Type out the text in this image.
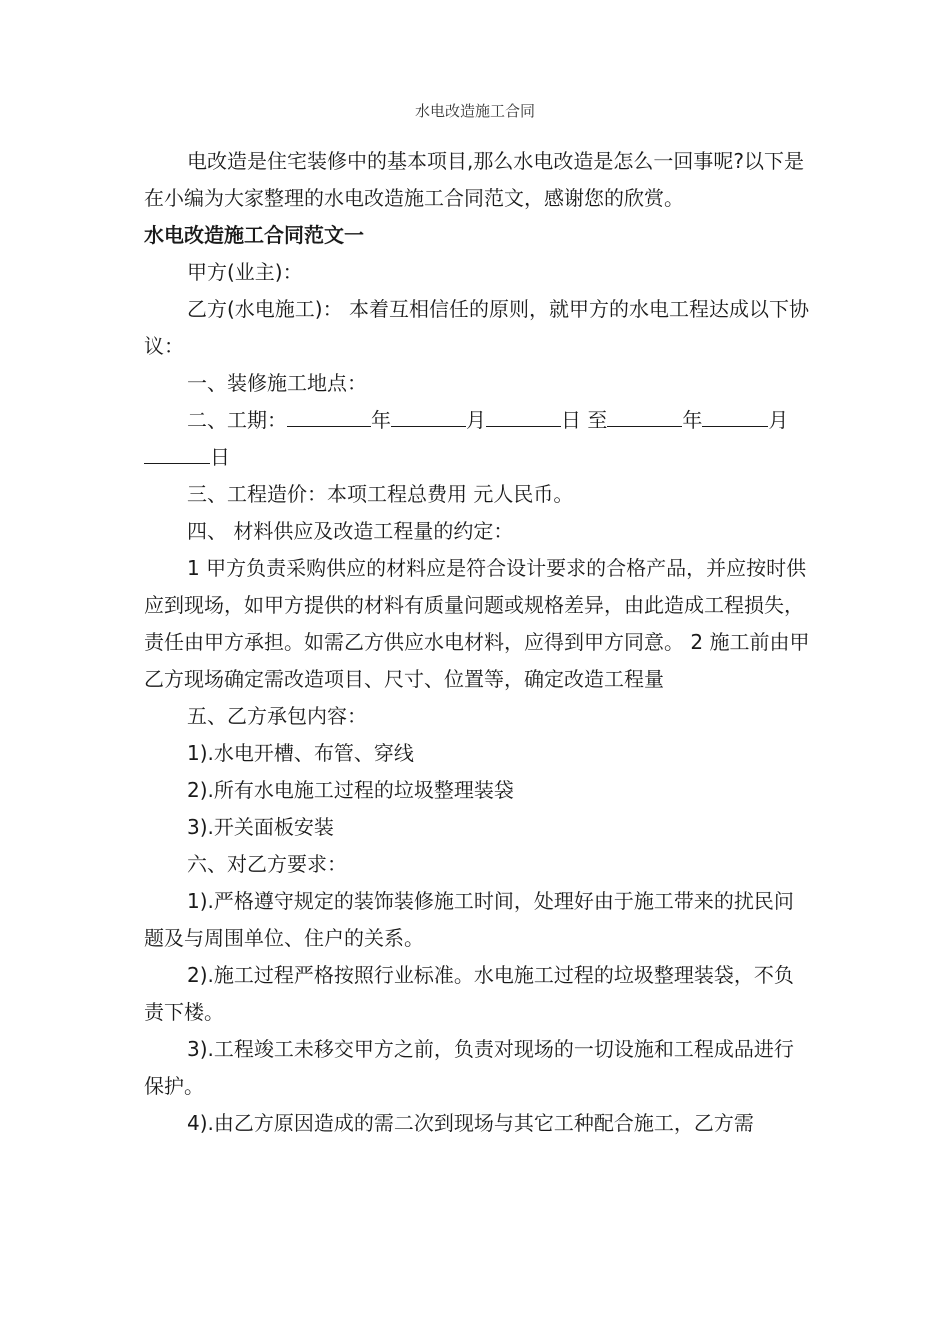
水电改造施工合同

电改造是住宅装修中的基本项目,那么水电改造是怎么一回事呢?以下是在小编为大家整理的水电改造施工合同范文，感谢您的欣赏。

水电改造施工合同范文一

甲方(业主)：

乙方(水电施工)： 本着互相信任的原则，就甲方的水电工程达成以下协议：

一、装修施工地点：

二、工期：	年	月	日 至	年	月日

三、工程造价：本项工程总费用 元人民币。

四、 材料供应及改造工程量的约定：

1 甲方负责采购供应的材料应是符合设计要求的合格产品，并应按时供应到现场，如甲方提供的材料有质量问题或规格差异，由此造成工程损失，责任由甲方承担。如需乙方供应水电材料，应得到甲方同意。 2 施工前由甲乙方现场确定需改造项目、尺寸、位置等，确定改造工程量

五、乙方承包内容：

1).水电开槽、布管、穿线

2).所有水电施工过程的垃圾整理装袋

3).开关面板安装

六、对乙方要求：

1).严格遵守规定的装饰装修施工时间，处理好由于施工带来的扰民问题及与周围单位、住户的关系。

2).施工过程严格按照行业标准。水电施工过程的垃圾整理装袋，不负责下楼。

3).工程竣工未移交甲方之前，负责对现场的一切设施和工程成品进行保护。

4).由乙方原因造成的需二次到现场与其它工种配合施工，乙方需
